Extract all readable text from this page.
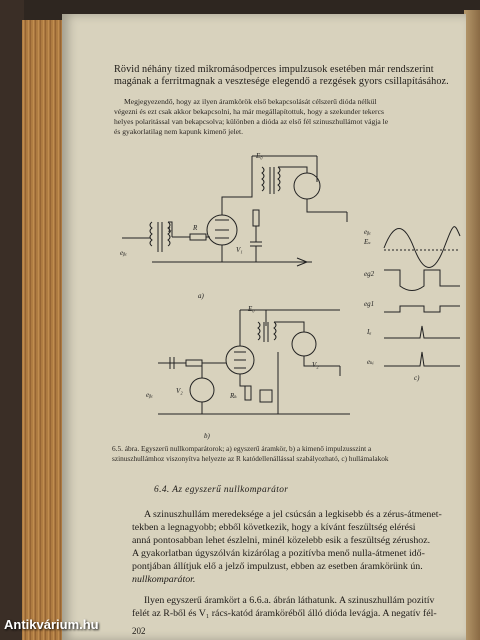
Rövid néhány tized mikromásodperces impulzusok esetében már rendszerint
magának a ferritmagnak a vesztesége elegendő a rezgések gyors csillapításához.
Megjegyezendő, hogy az ilyen áramkörök első bekapcsolását célszerű dióda nélkül
végezni és ezt csak akkor bekapcsolni, ha már megállapítottuk, hogy a szekunder tekercs
helyes polaritással van bekapcsolva; különben a dióda az első fél szinuszhullámot vágja le
és gyakorlatilag nem kapunk kimenő jelet.
E₀
Iᵣ	R
eᵦₑ	V₁
a)
E₀
V₂
Rₖ
eᵦₑ
V₂
b)
eᵦₑ
Eₛ
eg2
eg1
Iₐ
eₖᵢ
c)
6.5. ábra. Egyszerű nullkomparátorok; a) egyszerű áramkör, b) a kimenő impulzusszint a
szinuszhullámhoz viszonyítva helyezte az R katódellenállással szabályozható, c) hullámalakok
6.4. Az egyszerű nullkomparátor
A szinuszhullám meredeksége a jel csúcsán a legkisebb és a zérus-átmenet-
tekben a legnagyobb; ebből következik, hogy a kívánt feszültség elérési
anná pontosabban lehet észlelni, minél közelebb esik a feszültség zérushoz.
A gyakorlatban úgyszólván kizárólag a pozitívba menő nulla-átmenet idő-
pontjában állítjuk elő a jelző impulzust, ebben az esetben áramkörünk ún.
nullkomparátor.
Ilyen egyszerű áramkört a 6.6.a. ábrán láthatunk. A szinuszhullám pozitív
felét az R-ből és V₁ rács-katód áramköréből álló dióda levágja. A negatív fél-
202
Antikvárium.hu
